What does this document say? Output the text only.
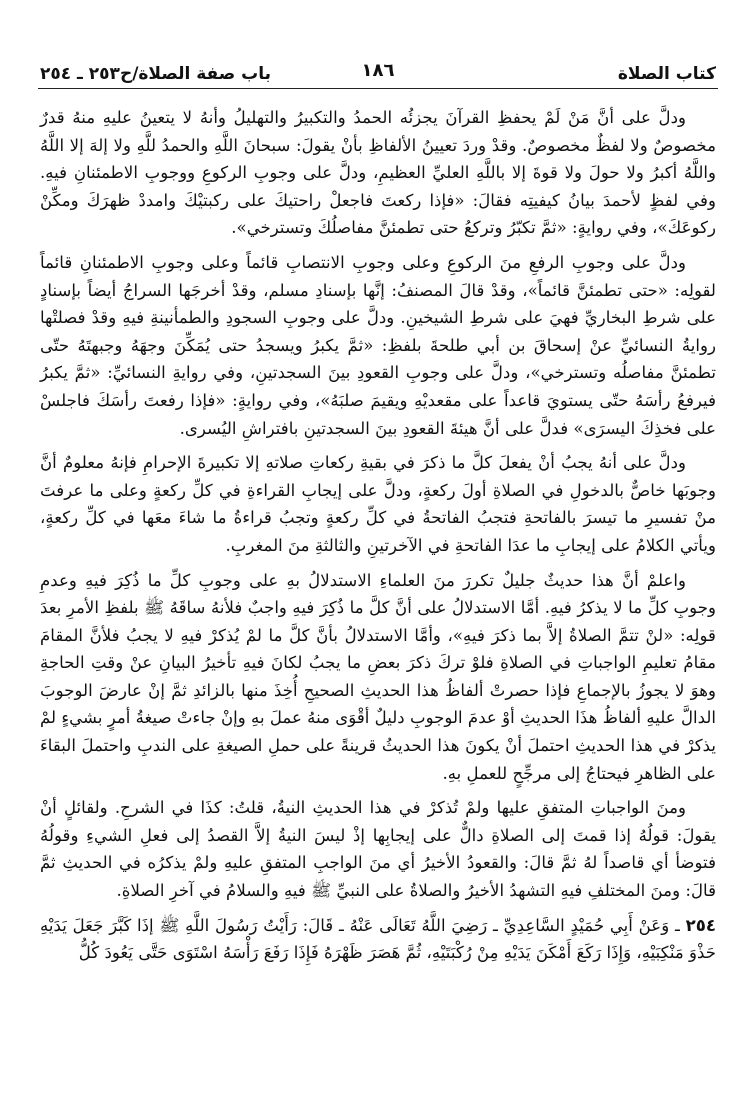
كتاب الصلاة
١٨٦
باب صفة الصلاة/ح٢٥٣ ـ ٢٥٤

ودلَّ على أنَّ مَنْ لَمْ يحفظِ القرآنَ يجزئُه الحمدُ والتكبيرُ والتهليلُ وأنهُ لا يتعينُ عليهِ منهُ قدرٌ مخصوصٌ ولا لفظٌ مخصوصٌ. وقدْ وردَ تعيينُ الألفاظِ بأنْ يقولَ: سبحانَ اللَّهِ والحمدُ للَّهِ ولا إلهَ إلا اللَّهُ واللَّهُ أكبرُ ولا حولَ ولا قوةَ إلا باللَّهِ العليِّ العظيمِ، ودلَّ على وجوبِ الركوعِ ووجوبِ الاطمئنانِ فيهِ. وفي لفظٍ لأحمدَ بيانُ كيفيتِه فقالَ: «فإذا ركعتَ فاجعلْ راحتيكَ على ركبتيْكَ وامددْ ظهرَكَ ومكِّنْ ركوعَكَ»، وفي روايةٍ: «ثمَّ تكبّرُ وتركعُ حتى تطمئنَّ مفاصلُكَ وتسترخي».

ودلَّ على وجوبِ الرفعِ منَ الركوعِ وعلى وجوبِ الانتصابِ قائماً وعلى وجوبِ الاطمئنانِ قائماً لقولِه: «حتى تطمئنَّ قائماً»، وقدْ قالَ المصنفُ: إنَّها بإسنادِ مسلم، وقدْ أخرجَها السراجُ أيضاً بإسنادٍ على شرطِ البخاريِّ فهيَ على شرطِ الشيخينِ. ودلَّ على وجوبِ السجودِ والطمأنينةِ فيهِ وقدْ فصلتْها روايةُ النسائيِّ عنْ إسحاقَ بن أبي طلحةَ بلفظِ: «ثمَّ يكبرُ ويسجدُ حتى يُمَكِّنَ وجهَهُ وجبهتَهُ حتّى تطمئنَّ مفاصلُه وتسترخي»، ودلَّ على وجوبِ القعودِ بينَ السجدتينِ، وفي روايةِ النسائيِّ: «ثمَّ يكبرُ فيرفعُ رأسَهُ حتّى يستويَ قاعداً على مقعديْهِ ويقيمَ صلبَهُ»، وفي روايةٍ: «فإذا رفعتَ رأسَكَ فاجلسْ على فخذِكَ اليسرَى» فدلَّ على أنَّ هيئةَ القعودِ بينَ السجدتينِ بافتراشِ اليُسرى.

ودلَّ على أنهُ يجبُ أنْ يفعلَ كلَّ ما ذكرَ في بقيةِ ركعاتِ صلاتهِ إلا تكبيرةَ الإحرامِ فإنهُ معلومٌ أنَّ وجوبَها خاصٌّ بالدخولِ في الصلاةِ أولَ ركعةٍ، ودلَّ على إيجابِ القراءةِ في كلِّ ركعةٍ وعلى ما عرفتَ منْ تفسيرِ ما تيسرَ بالفاتحةِ فتجبُ الفاتحةُ في كلِّ ركعةٍ وتجبُ قراءةُ ما شاءَ معَها في كلِّ ركعةٍ، ويأتي الكلامُ على إيجابِ ما عدَا الفاتحةِ في الآخرتينِ والثالثةِ منَ المغربِ.

واعلمْ أنَّ هذا حديثٌ جليلٌ تكررَ منَ العلماءِ الاستدلالُ بهِ على وجوبِ كلِّ ما ذُكِرَ فيهِ وعدمِ وجوبِ كلِّ ما لا يذكرُ فيهِ. أمَّا الاستدلالُ على أنَّ كلَّ ما ذُكِرَ فيهِ واجبٌ فلأنهُ ساقَهُ ﷺ بلفظِ الأمرِ بعدَ قولِه: «لنْ تتمَّ الصلاةُ إلاَّ بما ذكرَ فيهِ»، وأمَّا الاستدلالُ بأنَّ كلَّ ما لمْ يُذكرْ فيهِ لا يجبُ فلأنَّ المقامَ مقامُ تعليمِ الواجباتِ في الصلاةِ فلوْ تركَ ذكرَ بعضِ ما يجبُ لكانَ فيهِ تأخيرُ البيانِ عنْ وقتِ الحاجةِ وهوَ لا يجوزُ بالإجماعِ فإذا حصرتْ ألفاظُ هذا الحديثِ الصحيحِ أُخِذَ منها بالزائدِ ثمَّ إنْ عارضَ الوجوبَ الدالَّ عليهِ ألفاظُ هذَا الحديثِ أوْ عدمَ الوجوبِ دليلٌ أقْوَى منهُ عملَ بهِ وإنْ جاءتْ صيغةُ أمرٍ بشيءٍ لمْ يذكرْ في هذا الحديثِ احتملَ أنْ يكونَ هذا الحديثُ قرينةً على حملِ الصيغةِ على الندبِ واحتملَ البقاءَ على الظاهرِ فيحتاجُ إلى مرجِّحٍ للعملِ بهِ.

ومنَ الواجباتِ المتفقِ عليها ولمْ تُذكرْ في هذا الحديثِ النيةُ، قلتُ: كذَا في الشرحِ. ولقائلٍ أنْ يقولَ: قولُهُ إذا قمتَ إلى الصلاةِ دالٌّ على إيجابِها إذْ ليسَ النيةُ إلاَّ القصدُ إلى فعلِ الشيءِ وقولُهُ فتوضأ أي قاصداً لهُ ثمَّ قالَ: والقعودُ الأخيرُ أي منَ الواجبِ المتفقِ عليهِ ولمْ يذكرُه في الحديثِ ثمَّ قالَ: ومنَ المختلفِ فيهِ التشهدُ الأخيرُ والصلاةُ على النبيِّ ﷺ فيهِ والسلامُ في آخرِ الصلاةِ.

٢٥٤ ـ وَعَنْ أَبِي حُمَيْدٍ السَّاعِدِيِّ ـ رَضِيَ اللَّهُ تَعَالَى عَنْهُ ـ قَالَ: رَأَيْتُ رَسُولَ اللَّهِ ﷺ إذَا كَبَّرَ جَعَلَ يَدَيْهِ حَذْوَ مَنْكِبَيْهِ، وَإِذَا رَكَعَ أَمْكَنَ يَدَيْهِ مِنْ رُكْبَتَيْهِ، ثُمَّ هَصَرَ ظَهْرَهُ فَإِذَا رَفَعَ رَأْسَهُ اسْتَوَى حَتَّى يَعُودَ كُلُّ
